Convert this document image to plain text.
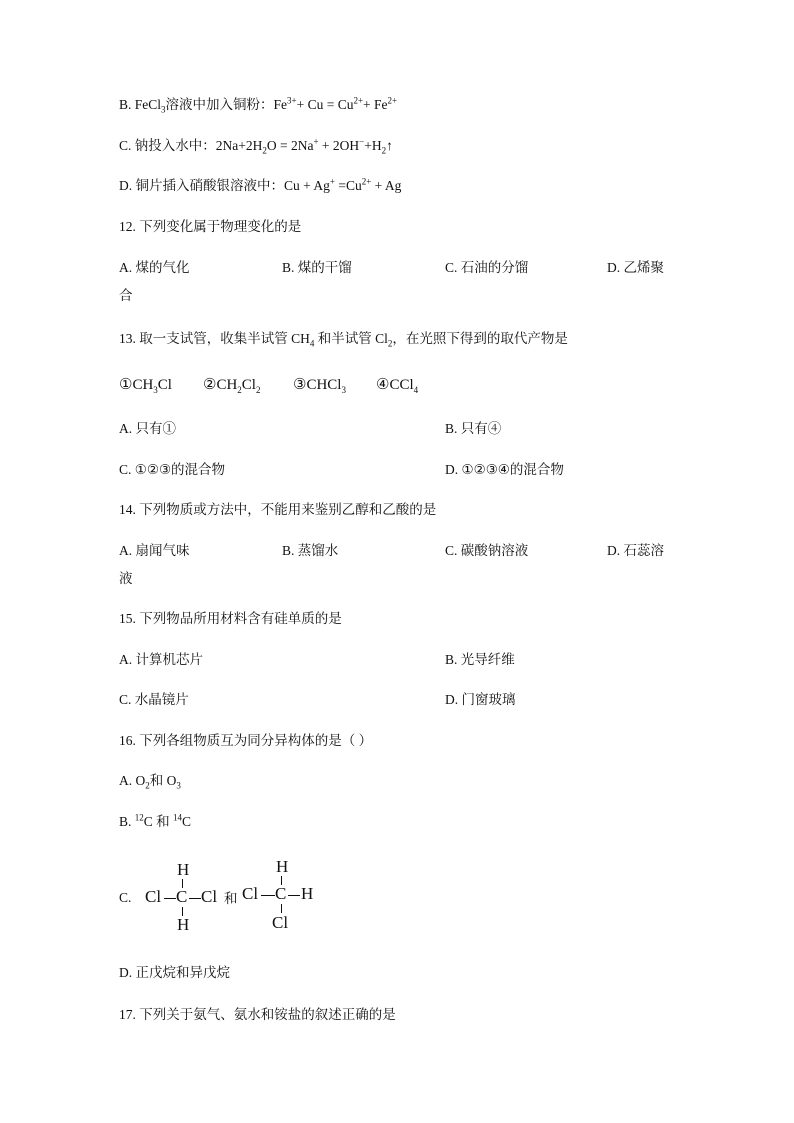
B. FeCl$_3$溶液中加入铜粉：$Fe^{3+}+ Cu = Cu^{2+}+ Fe^{2+}$
C. 钠投入水中：$2Na+2H_2O = 2Na^+$ + $2OH^-+H_2↑$
D. 铜片插入硝酸银溶液中：$Cu + Ag^+ =Cu^{2+} + Ag$
12. 下列变化属于物理变化的是
A. 煤的气化	B. 煤的干馏	C. 石油的分馏	D. 乙烯聚
合
13. 取一支试管，收集半试管 $CH_4$ 和半试管 $Cl_2$，在光照下得到的取代产物是
$①CH_3Cl$ $②CH_2Cl_2$ ③CHCl$_3$ ④CCl$_4$
A. 只有①	B. 只有④
C. ①②③的混合物	D. ①②③④的混合物
14. 下列物质或方法中，不能用来鉴别乙醇和乙酸的是
A. 扇闻气味	B. 蒸馏水	C. 碳酸钠溶液	D. 石蕊溶
液
15. 下列物品所用材料含有硅单质的是
A. 计算机芯片	B. 光导纤维
C. 水晶镜片	D. 门窗玻璃
16. 下列各组物质互为同分异构体的是（ ）
A. $O_2$和 $O_3$
B. $^{12}$C 和 $^{14}$C
C.
H
Cl C Cl
H
和
H
Cl C H
Cl
D. 正戊烷和异戊烷
17. 下列关于氨气、氨水和铵盐的叙述正确的是
